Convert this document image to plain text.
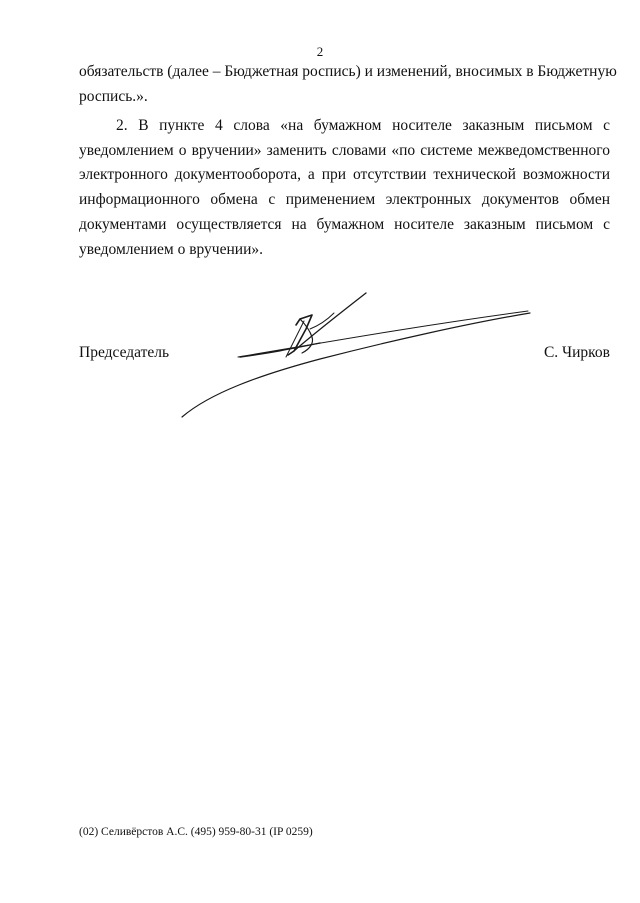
2
обязательств (далее – Бюджетная роспись) и изменений, вносимых в Бюджетную
роспись.».
2. В пункте 4 слова «на бумажном носителе заказным письмом с
уведомлением о вручении» заменить словами «по системе межведомственного
электронного документооборота, а при отсутствии технической возможности
информационного обмена с применением электронных документов обмен
документами осуществляется на бумажном носителе заказным письмом с
уведомлением о вручении».
Председатель	С. Чирков
(02) Селивёрстов А.С. (495) 959-80-31 (IP 0259)
